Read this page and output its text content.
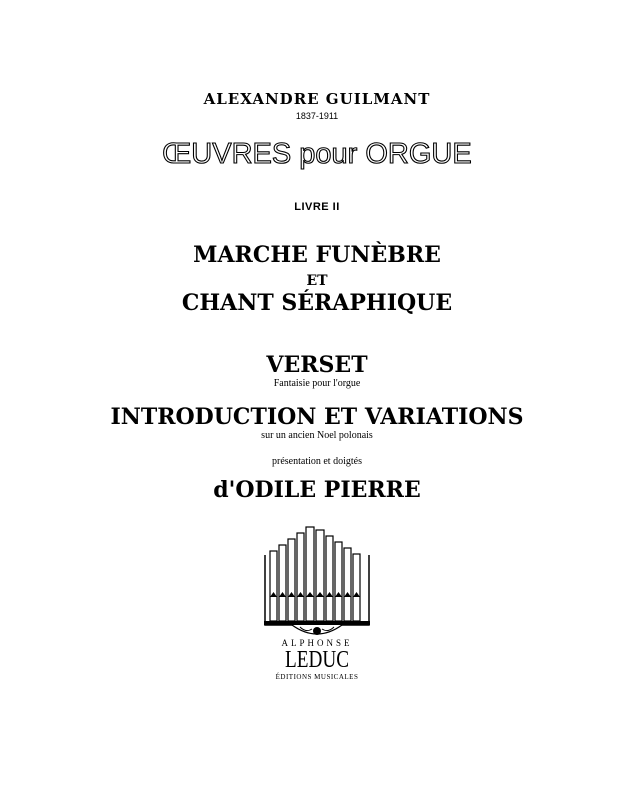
ALEXANDRE GUILMANT
1837-1911
ŒUVRES pour ORGUE
LIVRE II
MARCHE FUNÈBRE
ET
CHANT SÉRAPHIQUE
VERSET
Fantaisie pour l'orgue
INTRODUCTION ET VARIATIONS
sur un ancien Noel polonais
présentation et doigtés
d'ODILE PIERRE
ALPHONSE
LEDUC
ÉDITIONS MUSICALES
